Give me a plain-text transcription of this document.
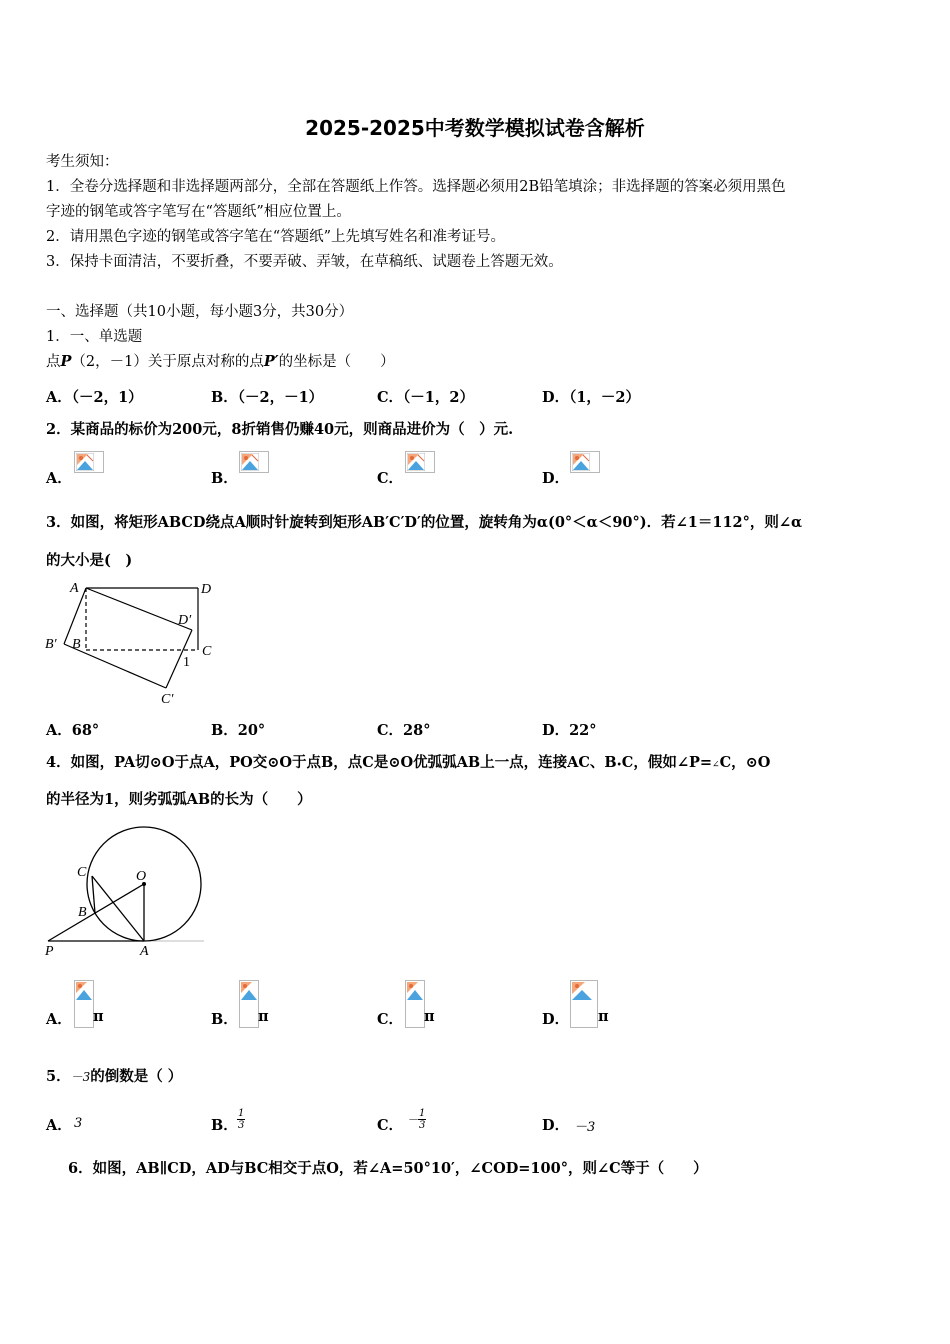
2025-2025中考数学模拟试卷含解析
考生须知：
1．全卷分选择题和非选择题两部分，全部在答题纸上作答。选择题必须用2B铅笔填涂；非选择题的答案必须用黑色
字迹的钢笔或答字笔写在“答题纸”相应位置上。
2．请用黑色字迹的钢笔或答字笔在“答题纸”上先填写姓名和准考证号。
3．保持卡面清洁，不要折叠，不要弄破、弄皱，在草稿纸、试题卷上答题无效。
一、选择题（共10小题，每小题3分，共30分）
1．一、单选题
点P（2，－1）关于原点对称的点P′的坐标是（　　）
A．（－2，1）	B．（－2，－1）	C．（－1，2）	D．（1，－2）
2．某商品的标价为200元，8折销售仍赚40元，则商品进价为（　）元.
A．	B．	C．	D．
3．如图，将矩形ABCD绕点A顺时针旋转到矩形AB′C′D′的位置，旋转角为α(0°＜α＜90°)．若∠1＝112°，则∠α
的大小是(　)
A	D
D′
B′ B	C
1
C′
A．68°	B．20°	C．28°	D．22°
4．如图，PA切⊙O于点A，PO交⊙O于点B，点C是⊙O优弧弧AB上一点，连接AC、B•C，假如∠P=∠C，⊙O
的半径为1，则劣弧弧AB的长为（　　）
C	O
B
P	A
A． π	B． π	C． π	D． π
5．－3的倒数是（ ）
A． 3	B． $\frac{1}{3}$	C． － $\frac{1}{3}$	D． －3
6．如图，AB∥CD，AD与BC相交于点O，若∠A=50°10′，∠COD=100°，则∠C等于（　　）
